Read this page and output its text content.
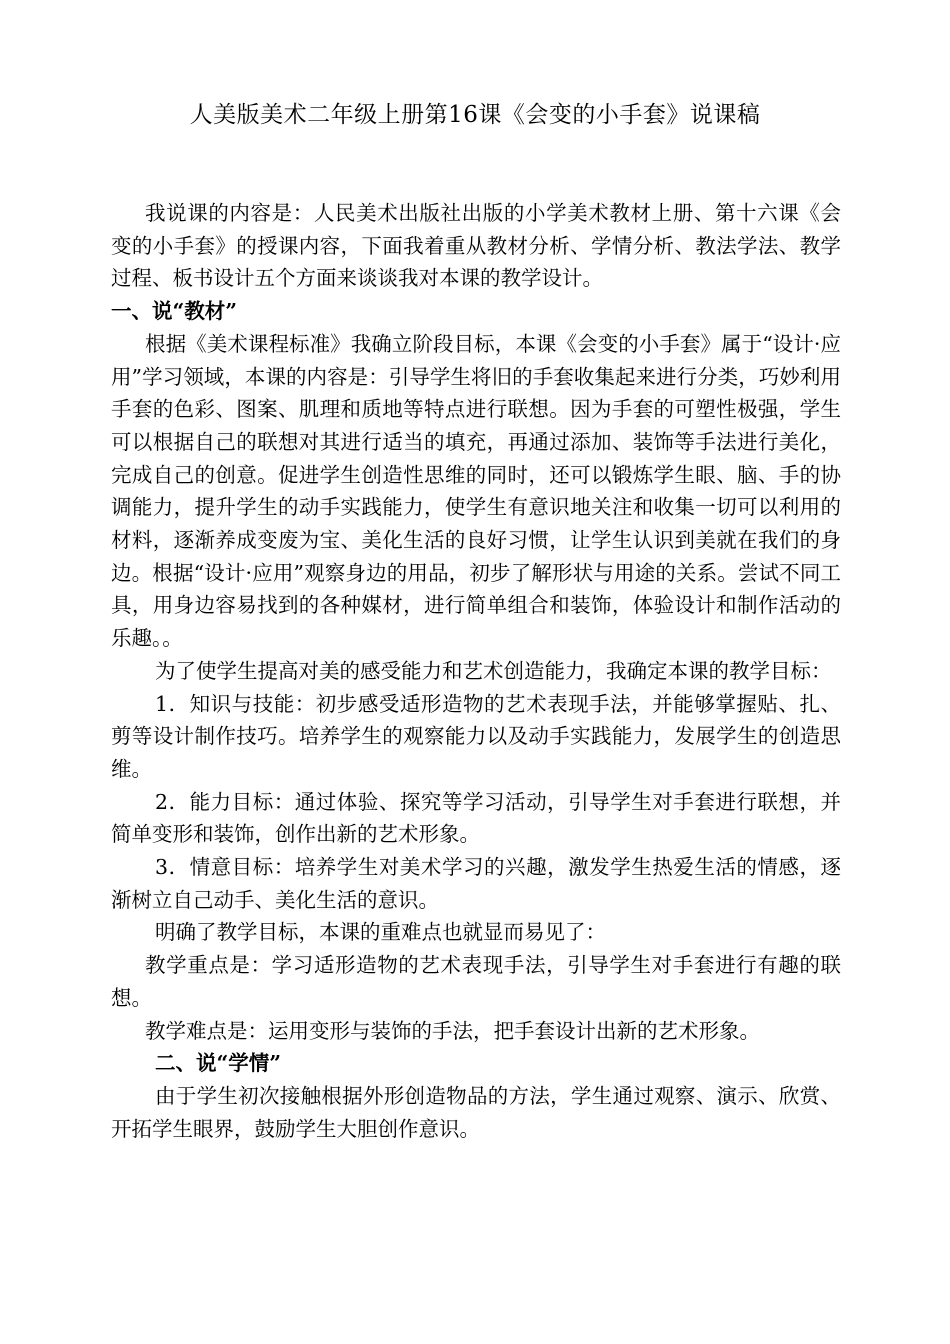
人美版美术二年级上册第16课《会变的小手套》说课稿

我说课的内容是：人民美术出版社出版的小学美术教材上册、第十六课《会变的小手套》的授课内容，下面我着重从教材分析、学情分析、教法学法、教学过程、板书设计五个方面来谈谈我对本课的教学设计。

一、说“教材”

根据《美术课程标准》我确立阶段目标，本课《会变的小手套》属于“设计·应用”学习领域，本课的内容是：引导学生将旧的手套收集起来进行分类，巧妙利用手套的色彩、图案、肌理和质地等特点进行联想。因为手套的可塑性极强，学生可以根据自己的联想对其进行适当的填充，再通过添加、装饰等手法进行美化，完成自己的创意。促进学生创造性思维的同时，还可以锻炼学生眼、脑、手的协调能力，提升学生的动手实践能力，使学生有意识地关注和收集一切可以利用的材料，逐渐养成变废为宝、美化生活的良好习惯，让学生认识到美就在我们的身边。根据“设计·应用”观察身边的用品，初步了解形状与用途的关系。尝试不同工具，用身边容易找到的各种媒材，进行简单组合和装饰，体验设计和制作活动的乐趣。。

为了使学生提高对美的感受能力和艺术创造能力，我确定本课的教学目标：

1．知识与技能：初步感受适形造物的艺术表现手法，并能够掌握贴、扎、剪等设计制作技巧。培养学生的观察能力以及动手实践能力，发展学生的创造思维。

2．能力目标：通过体验、探究等学习活动，引导学生对手套进行联想，并简单变形和装饰，创作出新的艺术形象。

3．情意目标：培养学生对美术学习的兴趣，激发学生热爱生活的情感，逐渐树立自己动手、美化生活的意识。

明确了教学目标，本课的重难点也就显而易见了：

教学重点是：学习适形造物的艺术表现手法，引导学生对手套进行有趣的联想。

教学难点是：运用变形与装饰的手法，把手套设计出新的艺术形象。

二、说“学情”

由于学生初次接触根据外形创造物品的方法，学生通过观察、演示、欣赏、开拓学生眼界，鼓励学生大胆创作意识。
